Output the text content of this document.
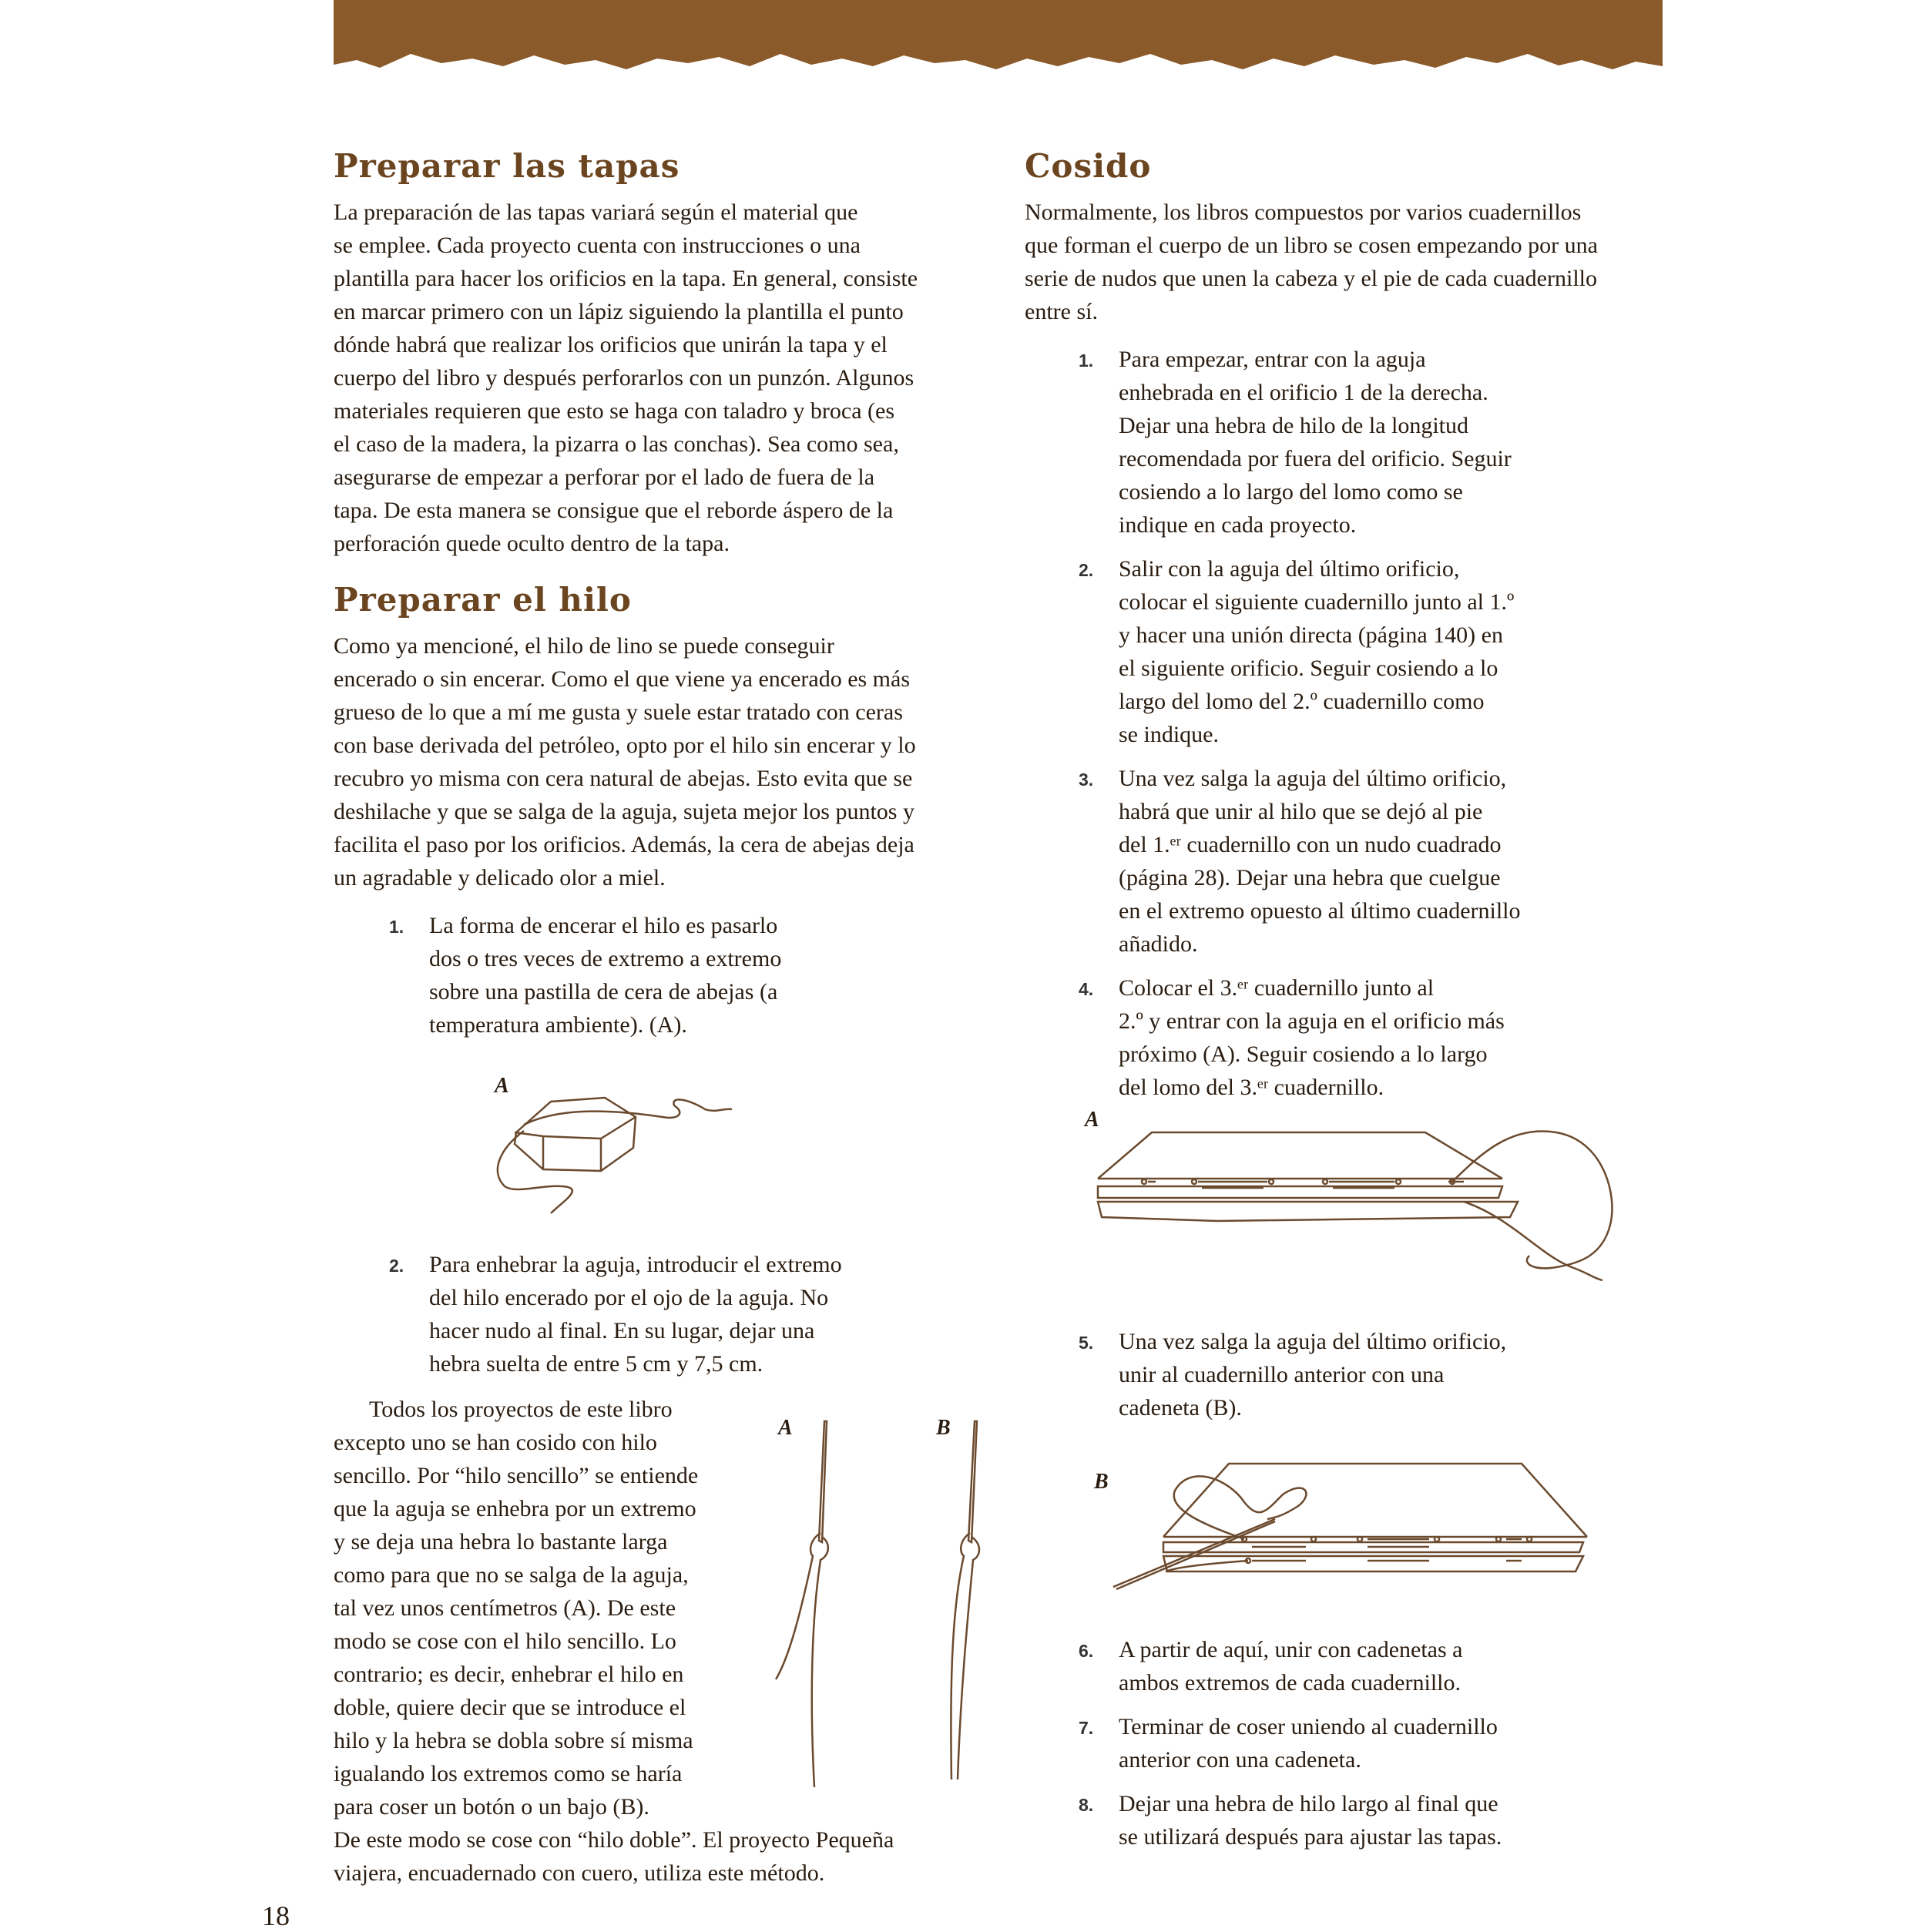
Preparar las tapas

La preparación de las tapas variará según el material que

se emplee. Cada proyecto cuenta con instrucciones o una

plantilla para hacer los orificios en la tapa. En general, consiste

en marcar primero con un lápiz siguiendo la plantilla el punto

dónde habrá que realizar los orificios que unirán la tapa y el

cuerpo del libro y después perforarlos con un punzón. Algunos

materiales requieren que esto se haga con taladro y broca (es

el caso de la madera, la pizarra o las conchas). Sea como sea,

asegurarse de empezar a perforar por el lado de fuera de la

tapa. De esta manera se consigue que el reborde áspero de la

perforación quede oculto dentro de la tapa.

Preparar el hilo

Como ya mencioné, el hilo de lino se puede conseguir

encerado o sin encerar. Como el que viene ya encerado es más

grueso de lo que a mí me gusta y suele estar tratado con ceras

con base derivada del petróleo, opto por el hilo sin encerar y lo

recubro yo misma con cera natural de abejas. Esto evita que se

deshilache y que se salga de la aguja, sujeta mejor los puntos y

facilita el paso por los orificios. Además, la cera de abejas deja

un agradable y delicado olor a miel.

1. La forma de encerar el hilo es pasarlo

dos o tres veces de extremo a extremo

sobre una pastilla de cera de abejas (a

temperatura ambiente). (A).

A
2. Para enhebrar la aguja, introducir el extremo

del hilo encerado por el ojo de la aguja. No

hacer nudo al final. En su lugar, dejar una

hebra suelta de entre 5 cm y 7,5 cm.

Todos los proyectos de este libro

excepto uno se han cosido con hilo

sencillo. Por “hilo sencillo” se entiende

que la aguja se enhebra por un extremo

y se deja una hebra lo bastante larga

como para que no se salga de la aguja,

tal vez unos centímetros (A). De este

modo se cose con el hilo sencillo. Lo

contrario; es decir, enhebrar el hilo en

doble, quiere decir que se introduce el

hilo y la hebra se dobla sobre sí misma

igualando los extremos como se haría

para coser un botón o un bajo (B).

De este modo se cose con “hilo doble”. El proyecto Pequeña

viajera, encuadernado con cuero, utiliza este método.

A	B
Cosido

Normalmente, los libros compuestos por varios cuadernillos

que forman el cuerpo de un libro se cosen empezando por una

serie de nudos que unen la cabeza y el pie de cada cuadernillo

entre sí.

1. Para empezar, entrar con la aguja

enhebrada en el orificio 1 de la derecha.

Dejar una hebra de hilo de la longitud

recomendada por fuera del orificio. Seguir

cosiendo a lo largo del lomo como se

indique en cada proyecto.

2. Salir con la aguja del último orificio,

colocar el siguiente cuadernillo junto al 1.º

y hacer una unión directa (página 140) en

el siguiente orificio. Seguir cosiendo a lo

largo del lomo del 2.º cuadernillo como

se indique.

3. Una vez salga la aguja del último orificio,

habrá que unir al hilo que se dejó al pie

del 1.ᵉʳ cuadernillo con un nudo cuadrado

(página 28). Dejar una hebra que cuelgue

en el extremo opuesto al último cuadernillo

añadido.

4. Colocar el 3.ᵉʳ cuadernillo junto al

2.º y entrar con la aguja en el orificio más

próximo (A). Seguir cosiendo a lo largo

del lomo del 3.ᵉʳ cuadernillo.

A
5. Una vez salga la aguja del último orificio,

unir al cuadernillo anterior con una

cadeneta (B).

B
6. A partir de aquí, unir con cadenetas a

ambos extremos de cada cuadernillo.

7. Terminar de coser uniendo al cuadernillo

anterior con una cadeneta.

8. Dejar una hebra de hilo largo al final que

se utilizará después para ajustar las tapas.

18
